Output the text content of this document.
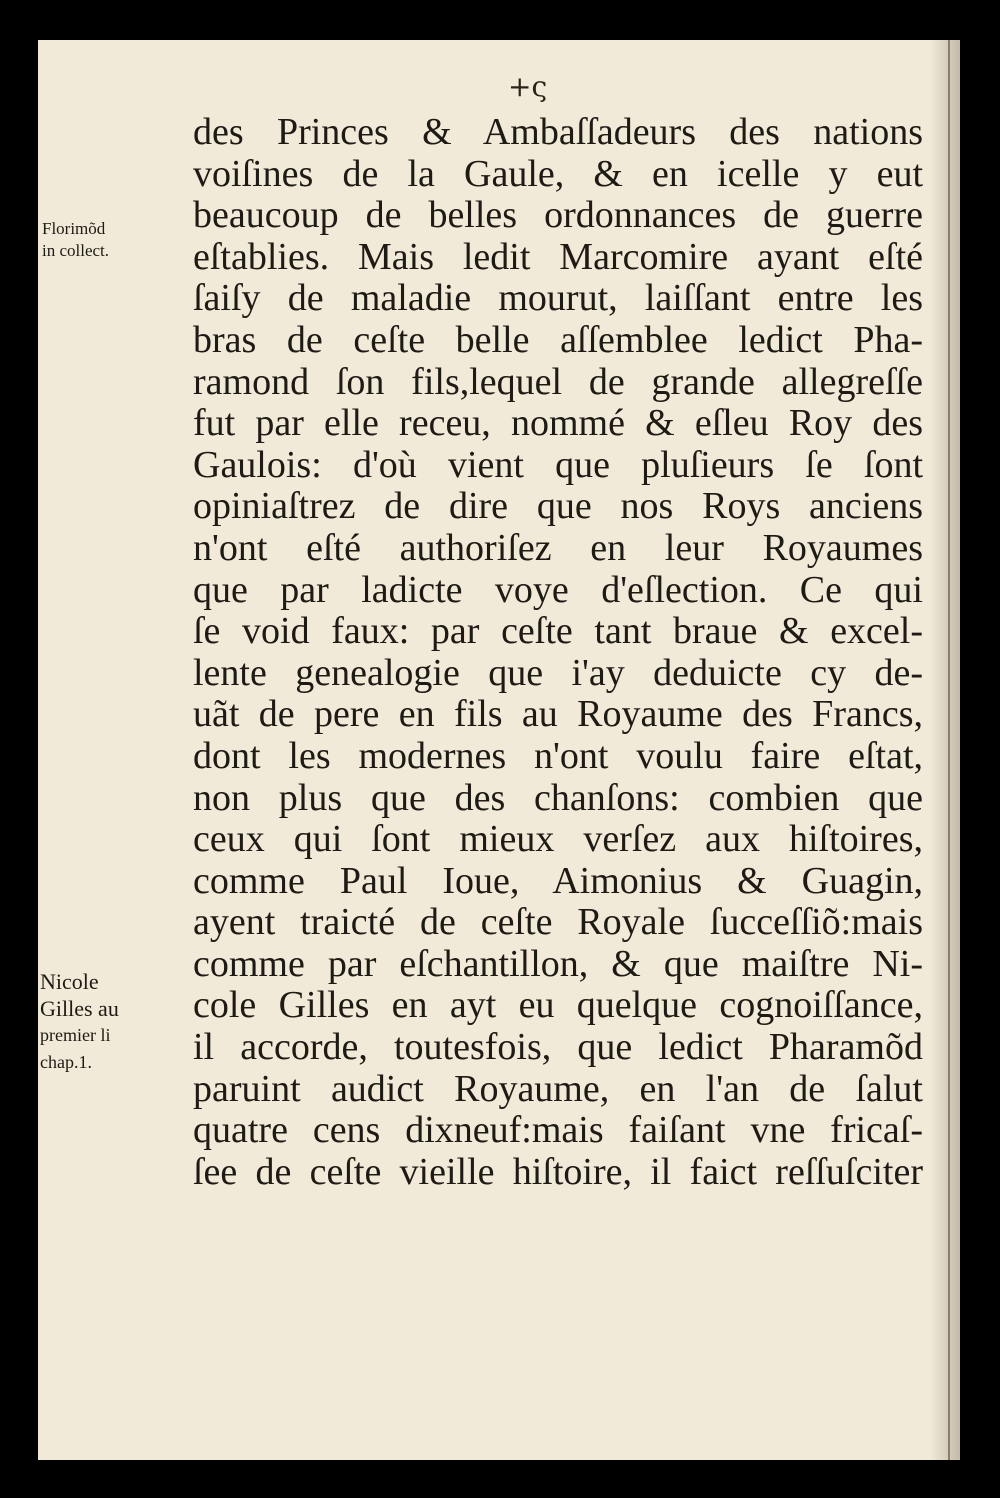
+ς
des Princes & Ambaſſadeurs des nations
voiſines de la Gaule, & en icelle y eut
beaucoup de belles ordonnances de guerre
eſtablies. Mais ledit Marcomire ayant eſté
ſaiſy de maladie mourut, laiſſant entre les
bras de ceſte belle aſſemblee ledict Pha-
ramond ſon fils,lequel de grande allegreſſe
fut par elle receu, nommé & eſleu Roy des
Gaulois: d'où vient que pluſieurs ſe ſont
opiniaſtrez de dire que nos Roys anciens
n'ont eſté authoriſez en leur Royaumes
que par ladicte voye d'eſlection. Ce qui
ſe void faux: par ceſte tant braue & excel-
lente genealogie que i'ay deduicte cy de-
uãt de pere en fils au Royaume des Francs,
dont les modernes n'ont voulu faire eſtat,
non plus que des chanſons: combien que
ceux qui ſont mieux verſez aux hiſtoires,
comme Paul Ioue, Aimonius & Guagin,
ayent traicté de ceſte Royale ſucceſſiõ:mais
comme par eſchantillon, & que maiſtre Ni-
cole Gilles en ayt eu quelque cognoiſſance,
il accorde, toutesfois, que ledict Pharamõd
paruint audict Royaume, en l'an de ſalut
quatre cens dixneuf:mais faiſant vne fricaſ-
ſee de ceſte vieille hiſtoire, il faict reſſuſciter
Florimõd
in collect.
Nicole
Gilles au
premier li
chap.1.
